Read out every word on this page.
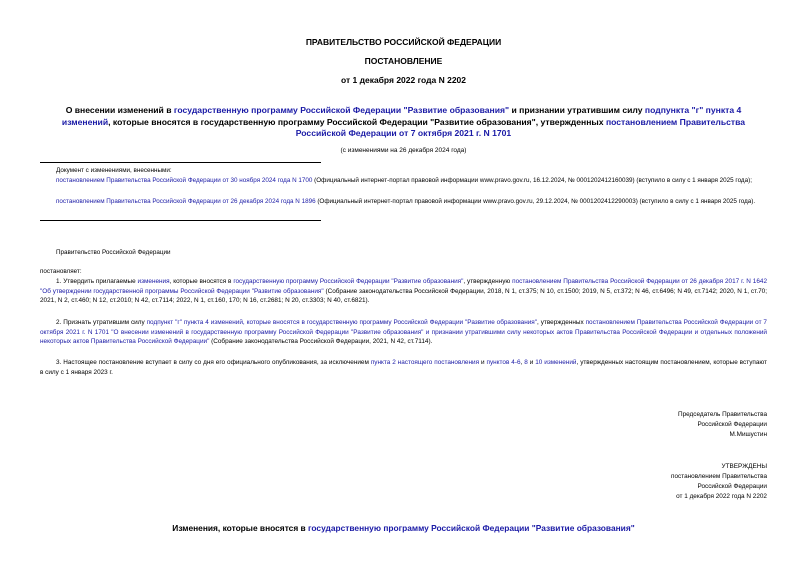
ПРАВИТЕЛЬСТВО РОССИЙСКОЙ ФЕДЕРАЦИИ
ПОСТАНОВЛЕНИЕ
от 1 декабря 2022 года N 2202
О внесении изменений в государственную программу Российской Федерации "Развитие образования" и признании утратившим силу подпункта "г" пункта 4
изменений, которые вносятся в государственную программу Российской Федерации "Развитие образования", утвержденных постановлением Правительства Российской Федерации от 7 октября 2021 г. N 1701
(с изменениями на 26 декабря 2024 года)
Документ с изменениями, внесенными:
постановлением Правительства Российской Федерации от 30 ноября 2024 года N 1700 (Официальный интернет-портал правовой информации www.pravo.gov.ru, 16.12.2024, № 0001202412160039) (вступило в силу с 1 января 2025 года);
постановлением Правительства Российской Федерации от 26 декабря 2024 года N 1896 (Официальный интернет-портал правовой информации www.pravo.gov.ru, 29.12.2024, № 0001202412290003) (вступило в силу с 1 января 2025 года).
Правительство Российской Федерации
постановляет:
1. Утвердить прилагаемые изменения, которые вносятся в государственную программу Российской Федерации "Развитие образования", утвержденную постановлением Правительства Российской Федерации от 26 декабря 2017 г. N 1642 "Об утверждении государственной программы Российской Федерации "Развитие образования" (Собрание законодательства Российской Федерации, 2018, N 1, ст.375; N 10, ст.1500; 2019, N 5, ст.372; N 46, ст.6496; N 49, ст.7142; 2020, N 1, ст.70; 2021, N 2, ст.460; N 12, ст.2010; N 42, ст.7114; 2022, N 1, ст.160, 170; N 16, ст.2681; N 20, ст.3303; N 40, ст.6821).
2. Признать утратившим силу подпункт "г" пункта 4 изменений, которые вносятся в государственную программу Российской Федерации "Развитие образования", утвержденных постановлением Правительства Российской Федерации от 7 октября 2021 г. N 1701 "О внесении изменений в государственную программу Российской Федерации "Развитие образования" и признании утратившими силу некоторых актов Правительства Российской Федерации и отдельных положений некоторых актов Правительства Российской Федерации" (Собрание законодательства Российской Федерации, 2021, N 42, ст.7114).
3. Настоящее постановление вступает в силу со дня его официального опубликования, за исключением пункта 2 настоящего постановления и пунктов 4-6, 8 и 10 изменений, утвержденных настоящим постановлением, которые вступают в силу с 1 января 2023 г.
Председатель Правительства
Российской Федерации
М.Мишустин
УТВЕРЖДЕНЫ
постановлением Правительства
Российской Федерации
от 1 декабря 2022 года N 2202
Изменения, которые вносятся в государственную программу Российской Федерации "Развитие образования"
